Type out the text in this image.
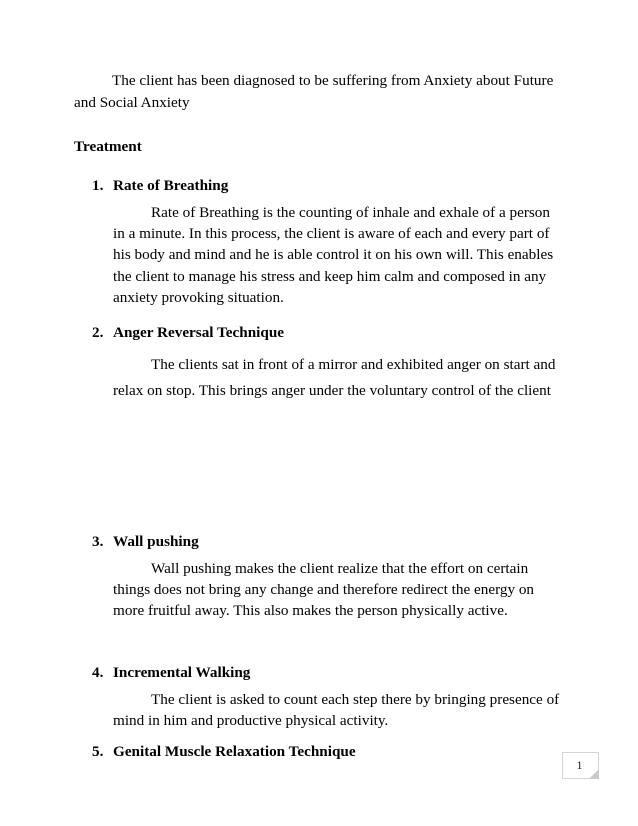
The client has been diagnosed to be suffering from Anxiety about Future and Social Anxiety

Treatment
1. Rate of Breathing

Rate of Breathing is the counting of inhale and exhale of a person in a minute. In this process, the client is aware of each and every part of his body and mind and he is able control it on his own will. This enables the client to manage his stress and keep him calm and composed in any anxiety provoking situation.

2. Anger Reversal Technique

The clients sat in front of a mirror and exhibited anger on start and relax on stop. This brings anger under the voluntary control of the client

3. Wall pushing

Wall pushing makes the client realize that the effort on certain things does not bring any change and therefore redirect the energy on more fruitful away. This also makes the person physically active.

4. Incremental Walking

The client is asked to count each step there by bringing presence of mind in him and productive physical activity.

5. Genital Muscle Relaxation Technique
1
